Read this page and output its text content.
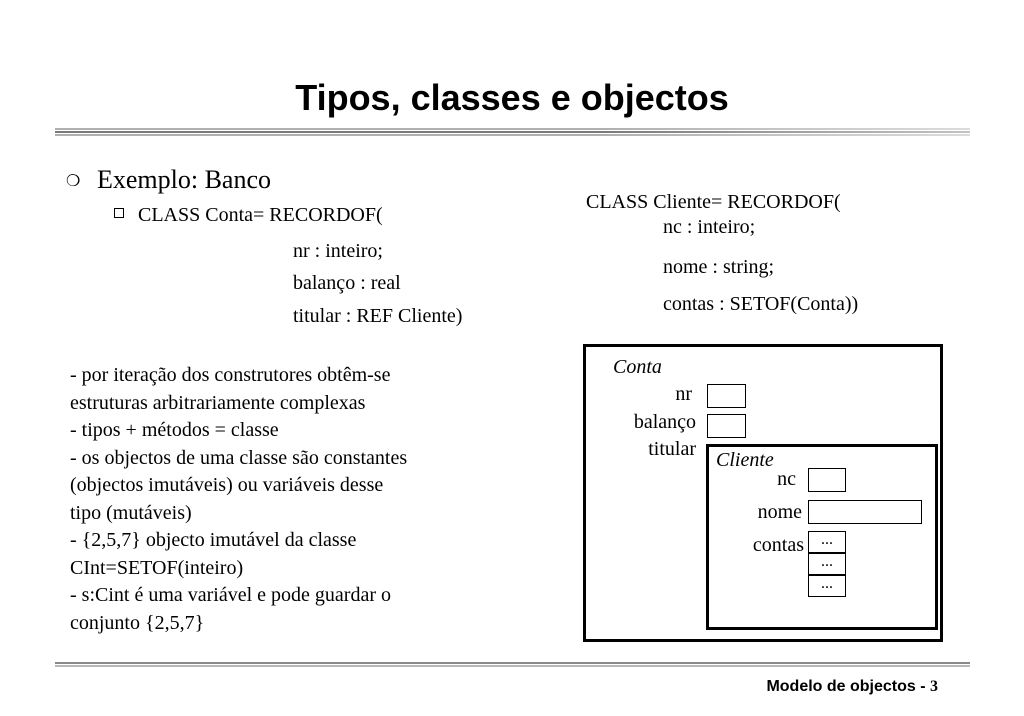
Tipos, classes e objectos
❍ Exemplo: Banco
CLASS Conta= RECORDOF(
nr : inteiro;
balanço : real
titular : REF Cliente)
CLASS Cliente= RECORDOF(
nc : inteiro;
nome : string;
contas : SETOF(Conta))
- por iteração dos construtores obtêm-se
estruturas arbitrariamente complexas
- tipos + métodos = classe
- os objectos de uma classe são constantes
(objectos imutáveis) ou variáveis desse
tipo (mutáveis)
- {2,5,7} objecto imutável da classe
CInt=SETOF(inteiro)
- s:Cint é uma variável e pode guardar o
conjunto {2,5,7}
Conta
nr
balanço
titular Cliente
nc
nome
contas	...
...
...
Modelo de objectos - 3
